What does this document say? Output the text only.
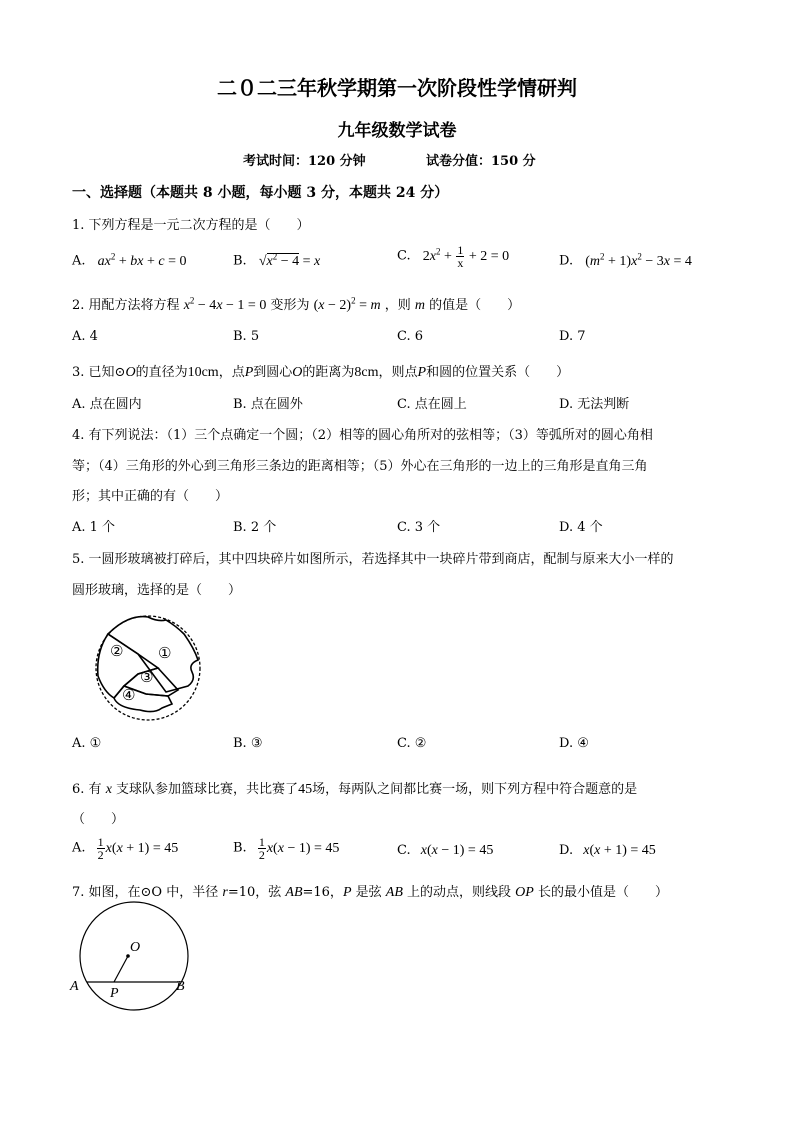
二０二三年秋学期第一次阶段性学情研判
九年级数学试卷
考试时间：120 分钟	试卷分值：150 分
一、选择题（本题共 8 小题，每小题 3 分，本题共 24 分）
1. 下列方程是一元二次方程的是（　　）
A. $ax^2$ + bx + c = 0	B. $√x^2 - 4 = x$	C. $2x^2 + \frac{1}{x} + 2 = 0$	D. $(m^2 + 1)x^2 - 3x = 4$
2. 用配方法将方程 $x^2 - 4x - 1 = 0$ 变形为 $(x - 2)^2 = m$ ，则 m 的值是（　　）
A. 4	B. 5	C. 6	D. 7
3. 已知⊙O的直径为10cm，点P到圆心O的距离为8cm，则点P和圆的位置关系（　　）
A. 点在圆内	B. 点在圆外	C. 点在圆上	D. 无法判断
4. 有下列说法：（1）三个点确定一个圆；（2）相等的圆心角所对的弦相等；（3）等弧所对的圆心角相
等；（4）三角形的外心到三角形三条边的距离相等；（5）外心在三角形的一边上的三角形是直角三角
形；其中正确的有（　　）
A. 1 个	B. 2 个	C. 3 个	D. 4 个
5. 一圆形玻璃被打碎后，其中四块碎片如图所示，若选择其中一块碎片带到商店，配制与原来大小一样的
圆形玻璃，选择的是（　　）
② ①
③
④
A. ①	B. ③	C. ②	D. ④
6. 有 x 支球队参加篮球比赛，共比赛了45场，每两队之间都比赛一场，则下列方程中符合题意的是
（　　）
A. $\frac{1}{2} x(x + 1) = 45$	B. $\frac{1}{2} x(x - 1) = 45$	C. x(x − 1) = 45	D. x(x + 1) = 45
7. 如图，在⊙O 中，半径 r=10，弦 AB=16，P 是弦 AB 上的动点，则线段 OP 长的最小值是（　　）
O
A P	B
